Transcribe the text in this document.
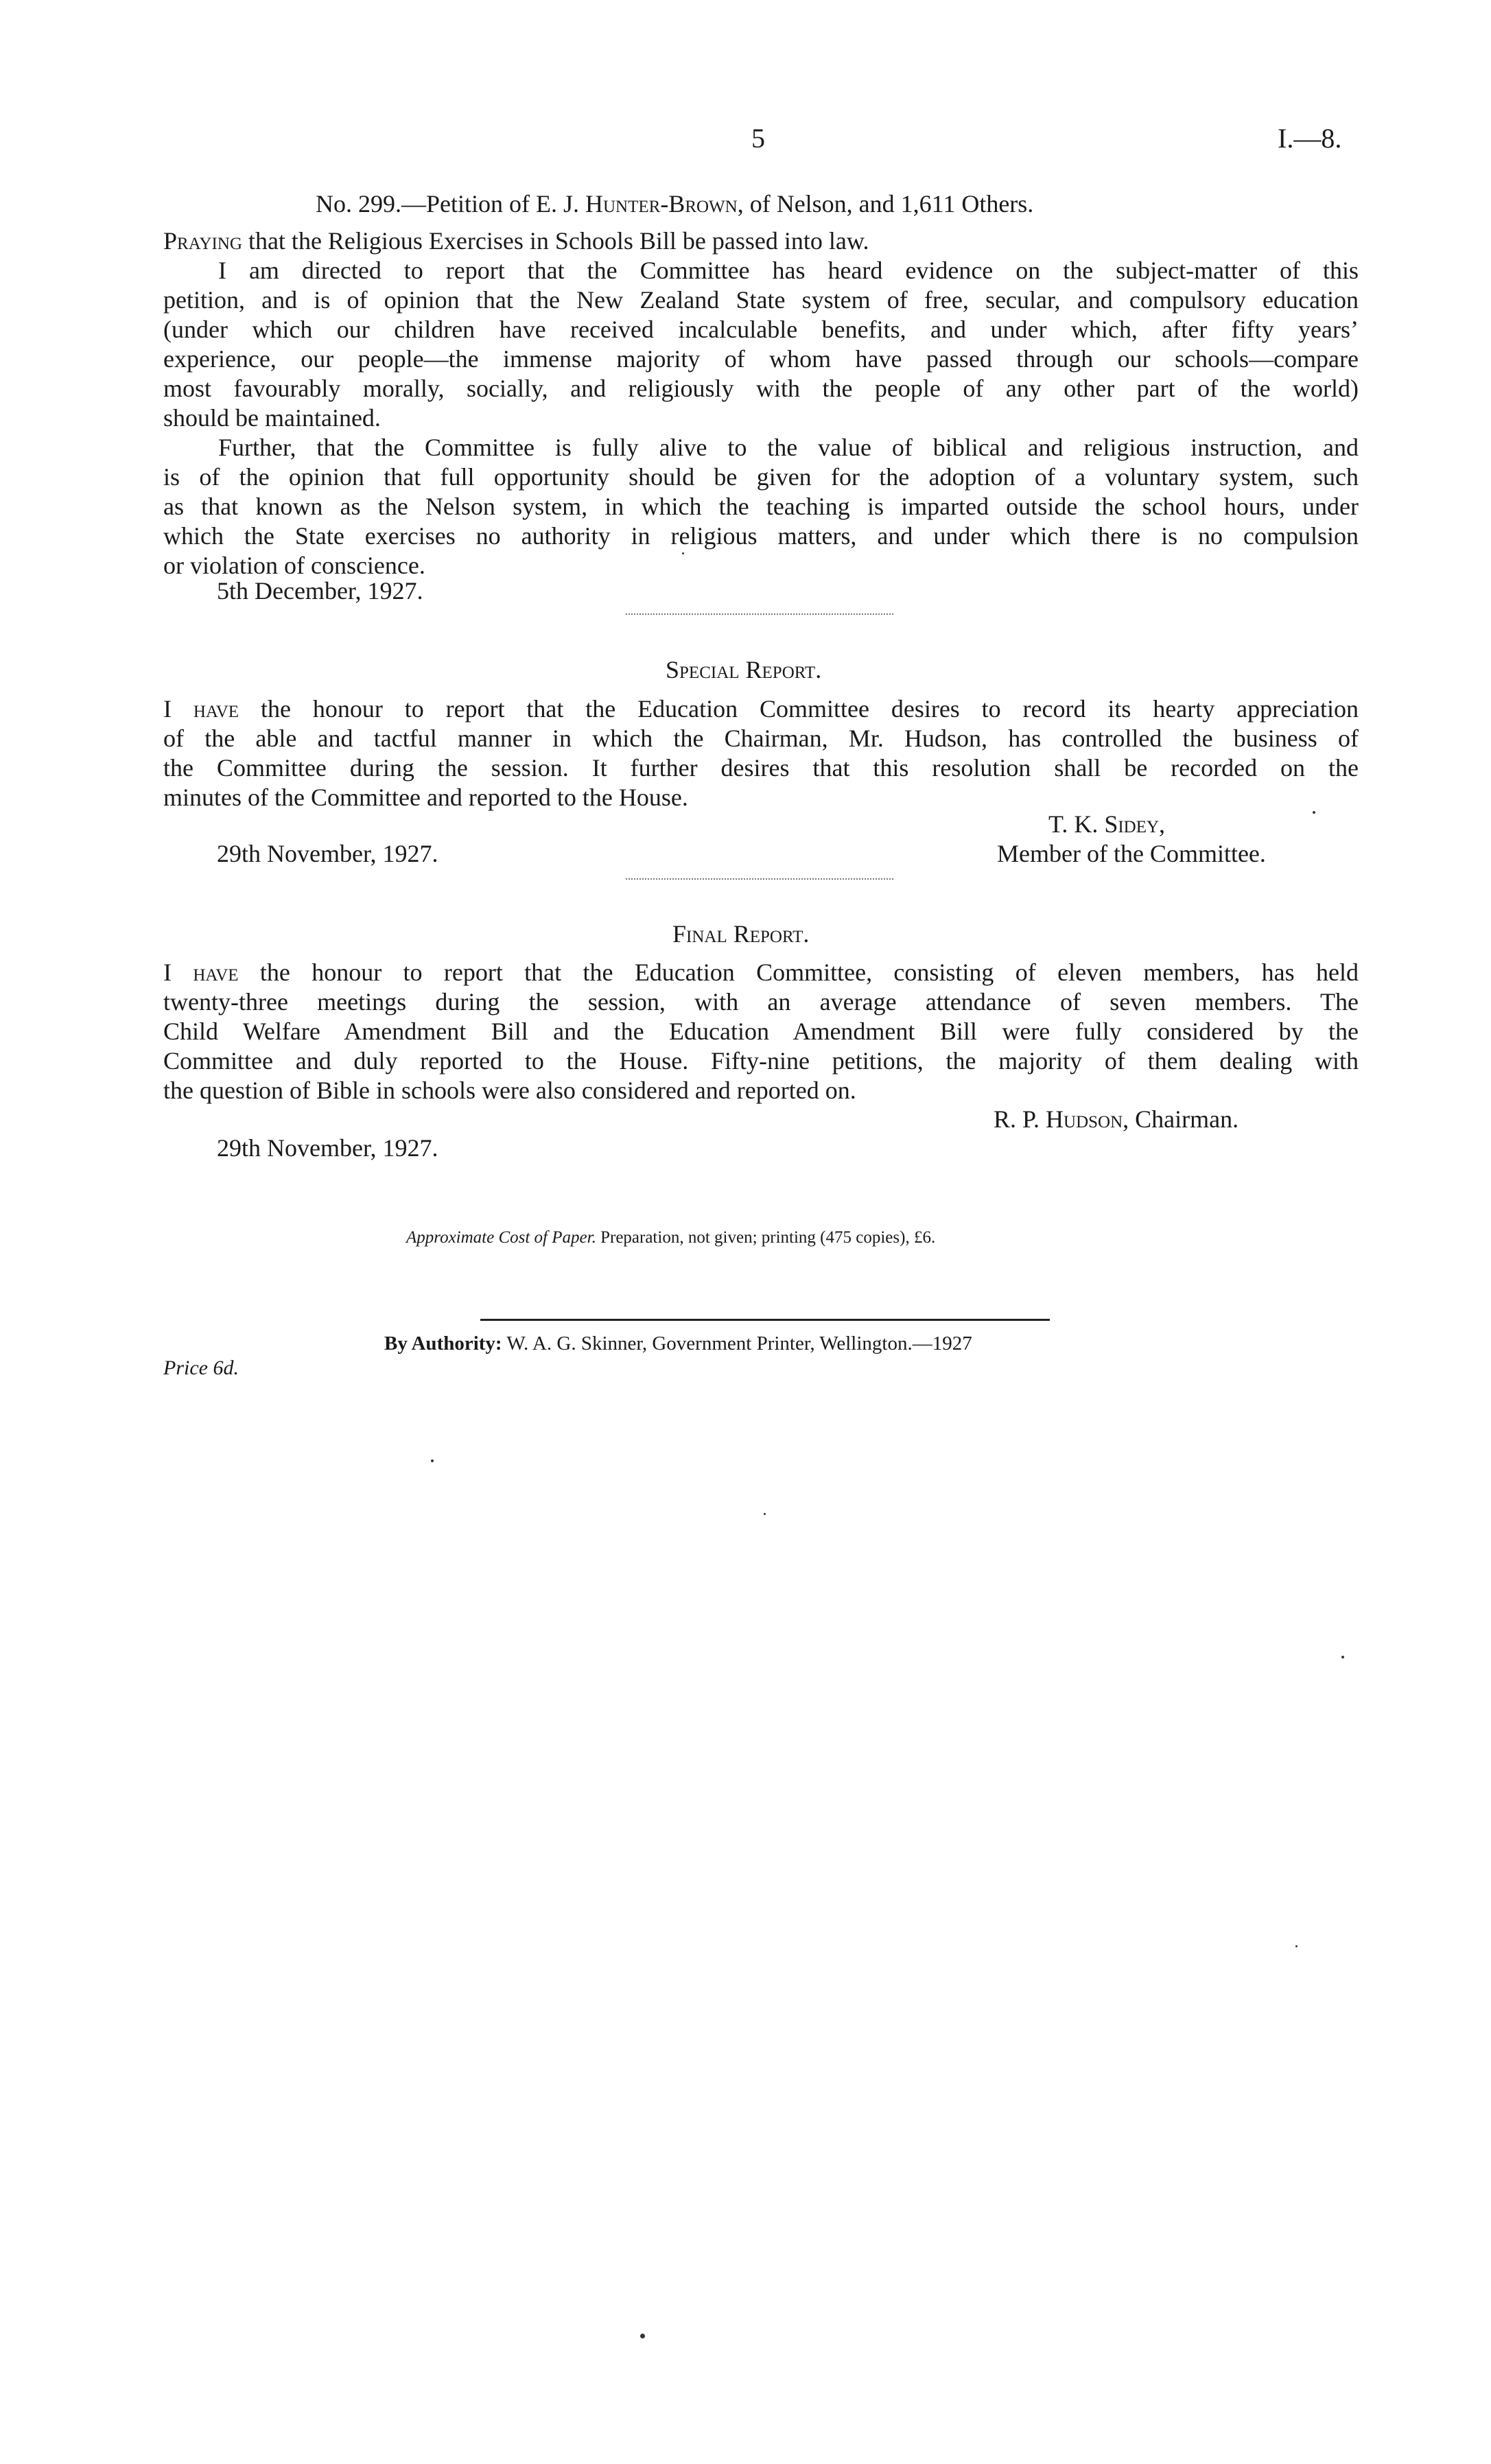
5	I.—8.
No. 299.—Petition of E. J. Hunter-Brown, of Nelson, and 1,611 Others.
Praying that the Religious Exercises in Schools Bill be passed into law.
I am directed to report that the Committee has heard evidence on the subject-matter of this
petition, and is of opinion that the New Zealand State system of free, secular, and compulsory education
(under which our children have received incalculable benefits, and under which, after fifty years’
experience, our people—the immense majority of whom have passed through our schools—compare
most favourably morally, socially, and religiously with the people of any other part of the world)
should be maintained.
Further, that the Committee is fully alive to the value of biblical and religious instruction, and
is of the opinion that full opportunity should be given for the adoption of a voluntary system, such
as that known as the Nelson system, in which the teaching is imparted outside the school hours, under
which the State exercises no authority in religious matters, and under which there is no compulsion
or violation of conscience.
5th December, 1927.
Special Report.
I have the honour to report that the Education Committee desires to record its hearty appreciation
of the able and tactful manner in which the Chairman, Mr. Hudson, has controlled the business of
the Committee during the session. It further desires that this resolution shall be recorded on the
minutes of the Committee and reported to the House.
T. K. Sidey,
29th November, 1927.	Member of the Committee.
Final Report.
I have the honour to report that the Education Committee, consisting of eleven members, has held
twenty-three meetings during the session, with an average attendance of seven members. The
Child Welfare Amendment Bill and the Education Amendment Bill were fully considered by the
Committee and duly reported to the House. Fifty-nine petitions, the majority of them dealing with
the question of Bible in schools were also considered and reported on.
R. P. Hudson, Chairman.
29th November, 1927.
Approximate Cost of Paper. Preparation, not given; printing (475 copies), £6.
By Authority: W. A. G. Skinner, Government Printer, Wellington.—1927
Price 6d.
